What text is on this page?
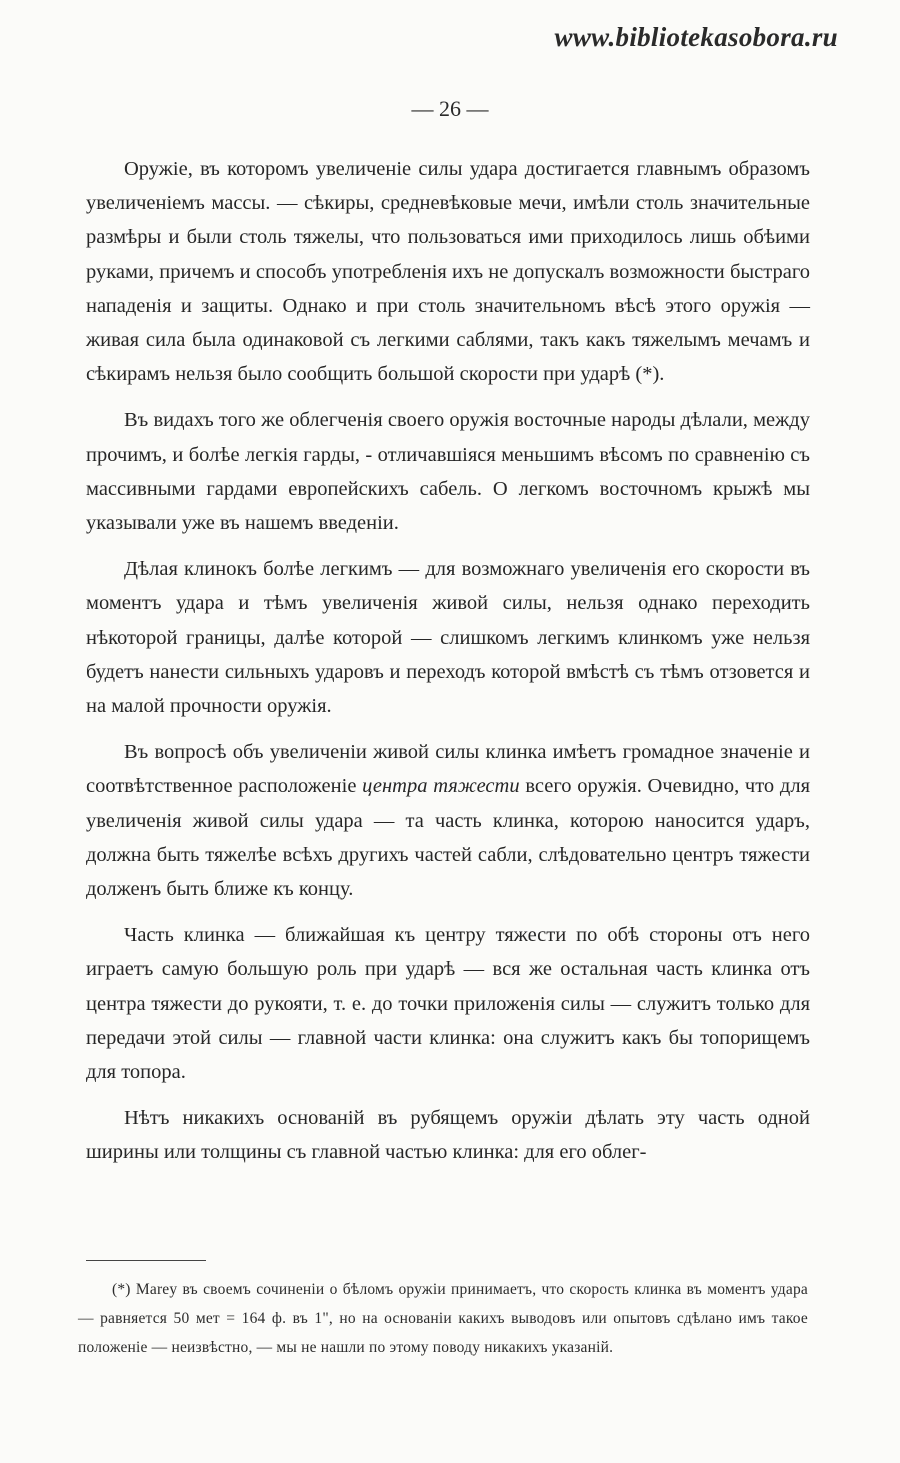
www.bibliotekasobora.ru
— 26 —

Оружіе, въ которомъ увеличеніе силы удара достигается главнымъ образомъ увеличеніемъ массы. — сѣкиры, средневѣковые мечи, имѣли столь значительные размѣры и были столь тяжелы, что пользоваться ими приходилось лишь обѣими руками, причемъ и способъ употребленія ихъ не допускалъ возможности быстраго нападенія и защиты. Однако и при столь значительномъ вѣсѣ этого оружія — живая сила была одинаковой съ легкими саблями, такъ какъ тяжелымъ мечамъ и сѣкирамъ нельзя было сообщить большой скорости при ударѣ (*).

Въ видахъ того же облегченія своего оружія восточные народы дѣлали, между прочимъ, и болѣе легкія гарды, - отличавшіяся меньшимъ вѣсомъ по сравненію съ массивными гардами европейскихъ сабель. О легкомъ восточномъ крыжѣ мы указывали уже въ нашемъ введеніи.

Дѣлая клинокъ болѣе легкимъ — для возможнаго увеличенія его скорости въ моментъ удара и тѣмъ увеличенія живой силы, нельзя однако переходить нѣкоторой границы, далѣе которой — слишкомъ легкимъ клинкомъ уже нельзя будетъ нанести сильныхъ ударовъ и переходъ которой вмѣстѣ съ тѣмъ отзовется и на малой прочности оружія.

Въ вопросѣ объ увеличеніи живой силы клинка имѣетъ громадное значеніе и соотвѣтственное расположеніе центра тяжести всего оружія. Очевидно, что для увеличенія живой силы удара — та часть клинка, которою наносится ударъ, должна быть тяжелѣе всѣхъ другихъ частей сабли, слѣдовательно центръ тяжести долженъ быть ближе къ концу.

Часть клинка — ближайшая къ центру тяжести по обѣ стороны отъ него играетъ самую большую роль при ударѣ — вся же остальная часть клинка отъ центра тяжести до рукояти, т. е. до точки приложенія силы — служитъ только для передачи этой силы — главной части клинка: она служитъ какъ бы топорищемъ для топора.

Нѣтъ никакихъ основаній въ рубящемъ оружіи дѣлать эту часть одной ширины или толщины съ главной частью клинка: для его облег-

(*) Marey въ своемъ сочиненіи о бѣломъ оружіи принимаетъ, что скорость клинка въ моментъ удара — равняется 50 мет = 164 ф. въ 1", но на основаніи какихъ выводовъ или опытовъ сдѣлано имъ такое положеніе — неизвѣстно, — мы не нашли по этому поводу никакихъ указаній.
